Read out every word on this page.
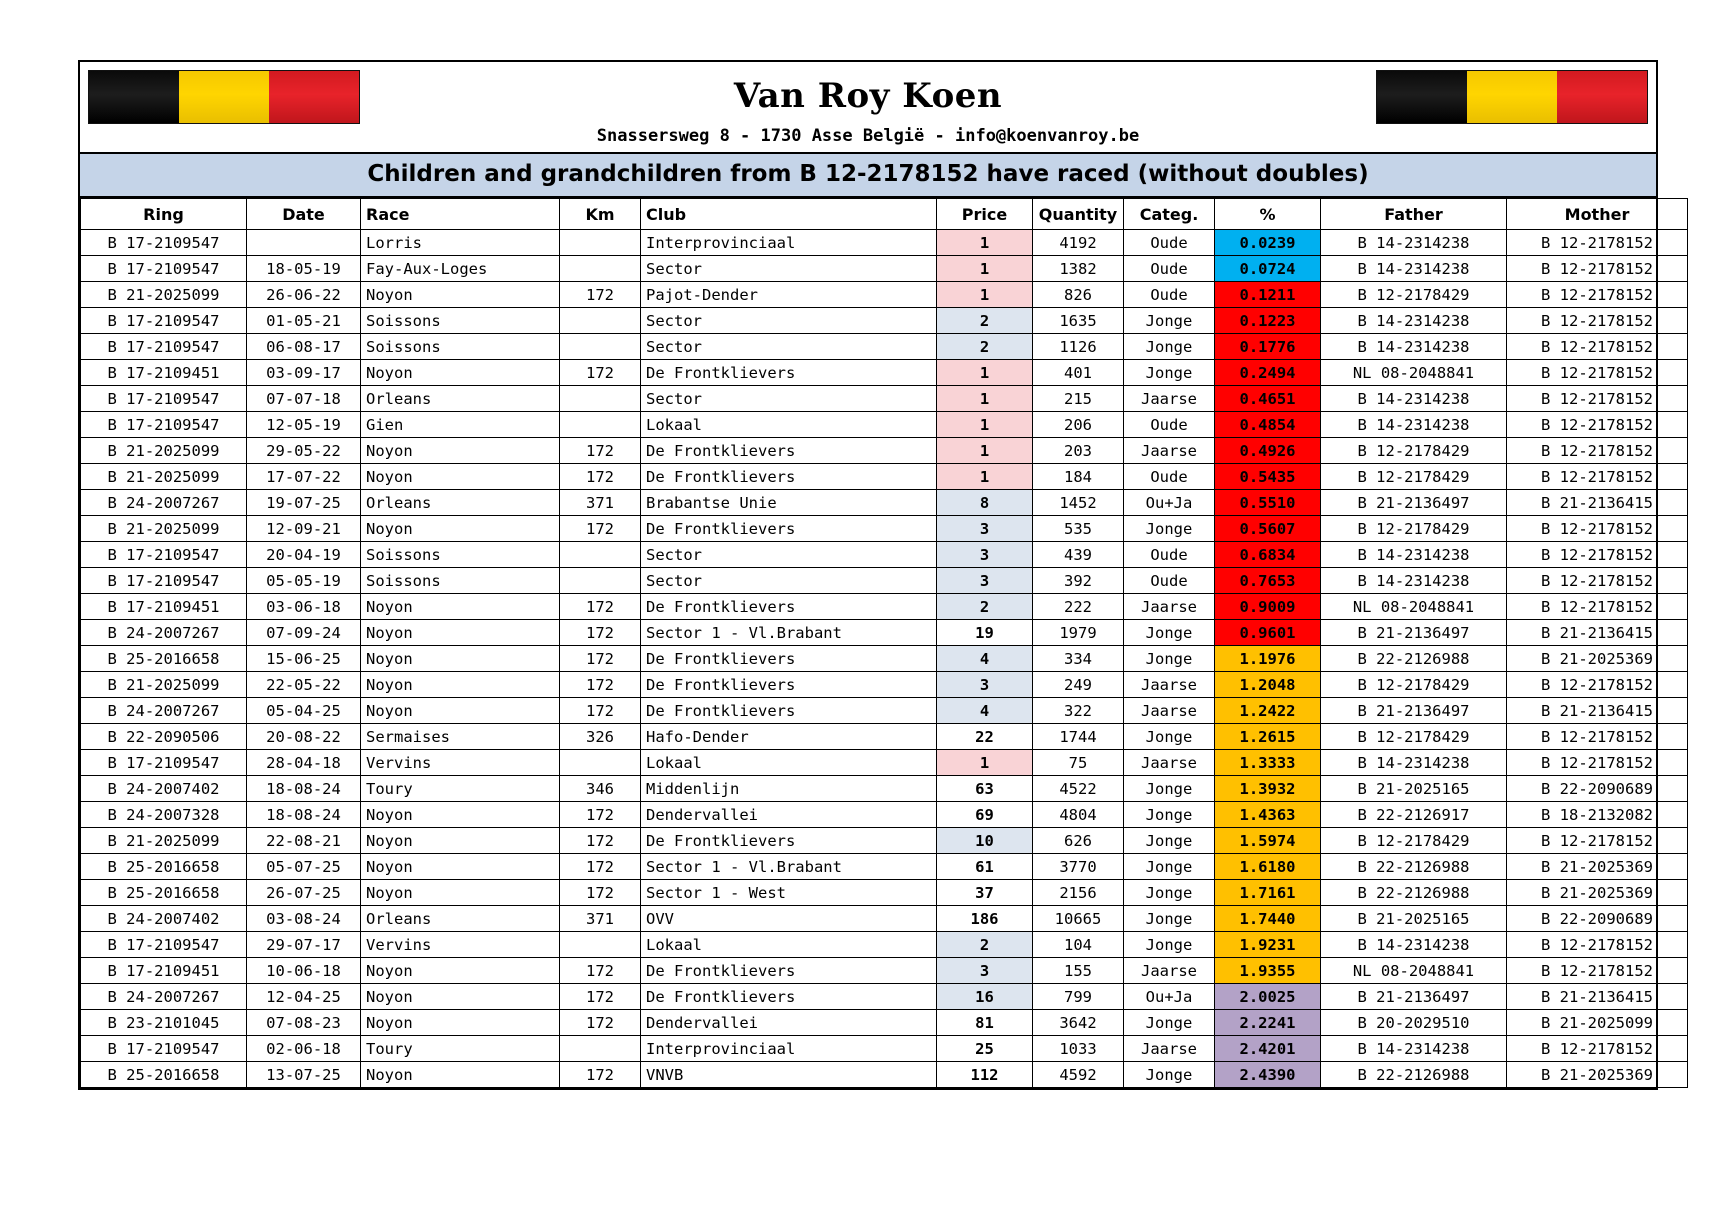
Van Roy Koen
Snassersweg 8 - 1730 Asse België - info@koenvanroy.be
Children and grandchildren from B 12-2178152 have raced (without doubles)
Ring	Date	Race	Km	Club	Price	Quantity	Categ.	%	Father	Mother
B 17-2109547		Lorris		Interprovinciaal	1	4192	Oude	0.0239	B 14-2314238	B 12-2178152
B 17-2109547	18-05-19	Fay-Aux-Loges		Sector	1	1382	Oude	0.0724	B 14-2314238	B 12-2178152
B 21-2025099	26-06-22	Noyon	172	Pajot-Dender	1	826	Oude	0.1211	B 12-2178429	B 12-2178152
B 17-2109547	01-05-21	Soissons		Sector	2	1635	Jonge	0.1223	B 14-2314238	B 12-2178152
B 17-2109547	06-08-17	Soissons		Sector	2	1126	Jonge	0.1776	B 14-2314238	B 12-2178152
B 17-2109451	03-09-17	Noyon	172	De Frontklievers	1	401	Jonge	0.2494	NL 08-2048841	B 12-2178152
B 17-2109547	07-07-18	Orleans		Sector	1	215	Jaarse	0.4651	B 14-2314238	B 12-2178152
B 17-2109547	12-05-19	Gien		Lokaal	1	206	Oude	0.4854	B 14-2314238	B 12-2178152
B 21-2025099	29-05-22	Noyon	172	De Frontklievers	1	203	Jaarse	0.4926	B 12-2178429	B 12-2178152
B 21-2025099	17-07-22	Noyon	172	De Frontklievers	1	184	Oude	0.5435	B 12-2178429	B 12-2178152
B 24-2007267	19-07-25	Orleans	371	Brabantse Unie	8	1452	Ou+Ja	0.5510	B 21-2136497	B 21-2136415
B 21-2025099	12-09-21	Noyon	172	De Frontklievers	3	535	Jonge	0.5607	B 12-2178429	B 12-2178152
B 17-2109547	20-04-19	Soissons		Sector	3	439	Oude	0.6834	B 14-2314238	B 12-2178152
B 17-2109547	05-05-19	Soissons		Sector	3	392	Oude	0.7653	B 14-2314238	B 12-2178152
B 17-2109451	03-06-18	Noyon	172	De Frontklievers	2	222	Jaarse	0.9009	NL 08-2048841	B 12-2178152
B 24-2007267	07-09-24	Noyon	172	Sector 1 - Vl.Brabant	19	1979	Jonge	0.9601	B 21-2136497	B 21-2136415
B 25-2016658	15-06-25	Noyon	172	De Frontklievers	4	334	Jonge	1.1976	B 22-2126988	B 21-2025369
B 21-2025099	22-05-22	Noyon	172	De Frontklievers	3	249	Jaarse	1.2048	B 12-2178429	B 12-2178152
B 24-2007267	05-04-25	Noyon	172	De Frontklievers	4	322	Jaarse	1.2422	B 21-2136497	B 21-2136415
B 22-2090506	20-08-22	Sermaises	326	Hafo-Dender	22	1744	Jonge	1.2615	B 12-2178429	B 12-2178152
B 17-2109547	28-04-18	Vervins		Lokaal	1	75	Jaarse	1.3333	B 14-2314238	B 12-2178152
B 24-2007402	18-08-24	Toury	346	Middenlijn	63	4522	Jonge	1.3932	B 21-2025165	B 22-2090689
B 24-2007328	18-08-24	Noyon	172	Dendervallei	69	4804	Jonge	1.4363	B 22-2126917	B 18-2132082
B 21-2025099	22-08-21	Noyon	172	De Frontklievers	10	626	Jonge	1.5974	B 12-2178429	B 12-2178152
B 25-2016658	05-07-25	Noyon	172	Sector 1 - Vl.Brabant	61	3770	Jonge	1.6180	B 22-2126988	B 21-2025369
B 25-2016658	26-07-25	Noyon	172	Sector 1 - West	37	2156	Jonge	1.7161	B 22-2126988	B 21-2025369
B 24-2007402	03-08-24	Orleans	371	OVV	186	10665	Jonge	1.7440	B 21-2025165	B 22-2090689
B 17-2109547	29-07-17	Vervins		Lokaal	2	104	Jonge	1.9231	B 14-2314238	B 12-2178152
B 17-2109451	10-06-18	Noyon	172	De Frontklievers	3	155	Jaarse	1.9355	NL 08-2048841	B 12-2178152
B 24-2007267	12-04-25	Noyon	172	De Frontklievers	16	799	Ou+Ja	2.0025	B 21-2136497	B 21-2136415
B 23-2101045	07-08-23	Noyon	172	Dendervallei	81	3642	Jonge	2.2241	B 20-2029510	B 21-2025099
B 17-2109547	02-06-18	Toury		Interprovinciaal	25	1033	Jaarse	2.4201	B 14-2314238	B 12-2178152
B 25-2016658	13-07-25	Noyon	172	VNVB	112	4592	Jonge	2.4390	B 22-2126988	B 21-2025369
